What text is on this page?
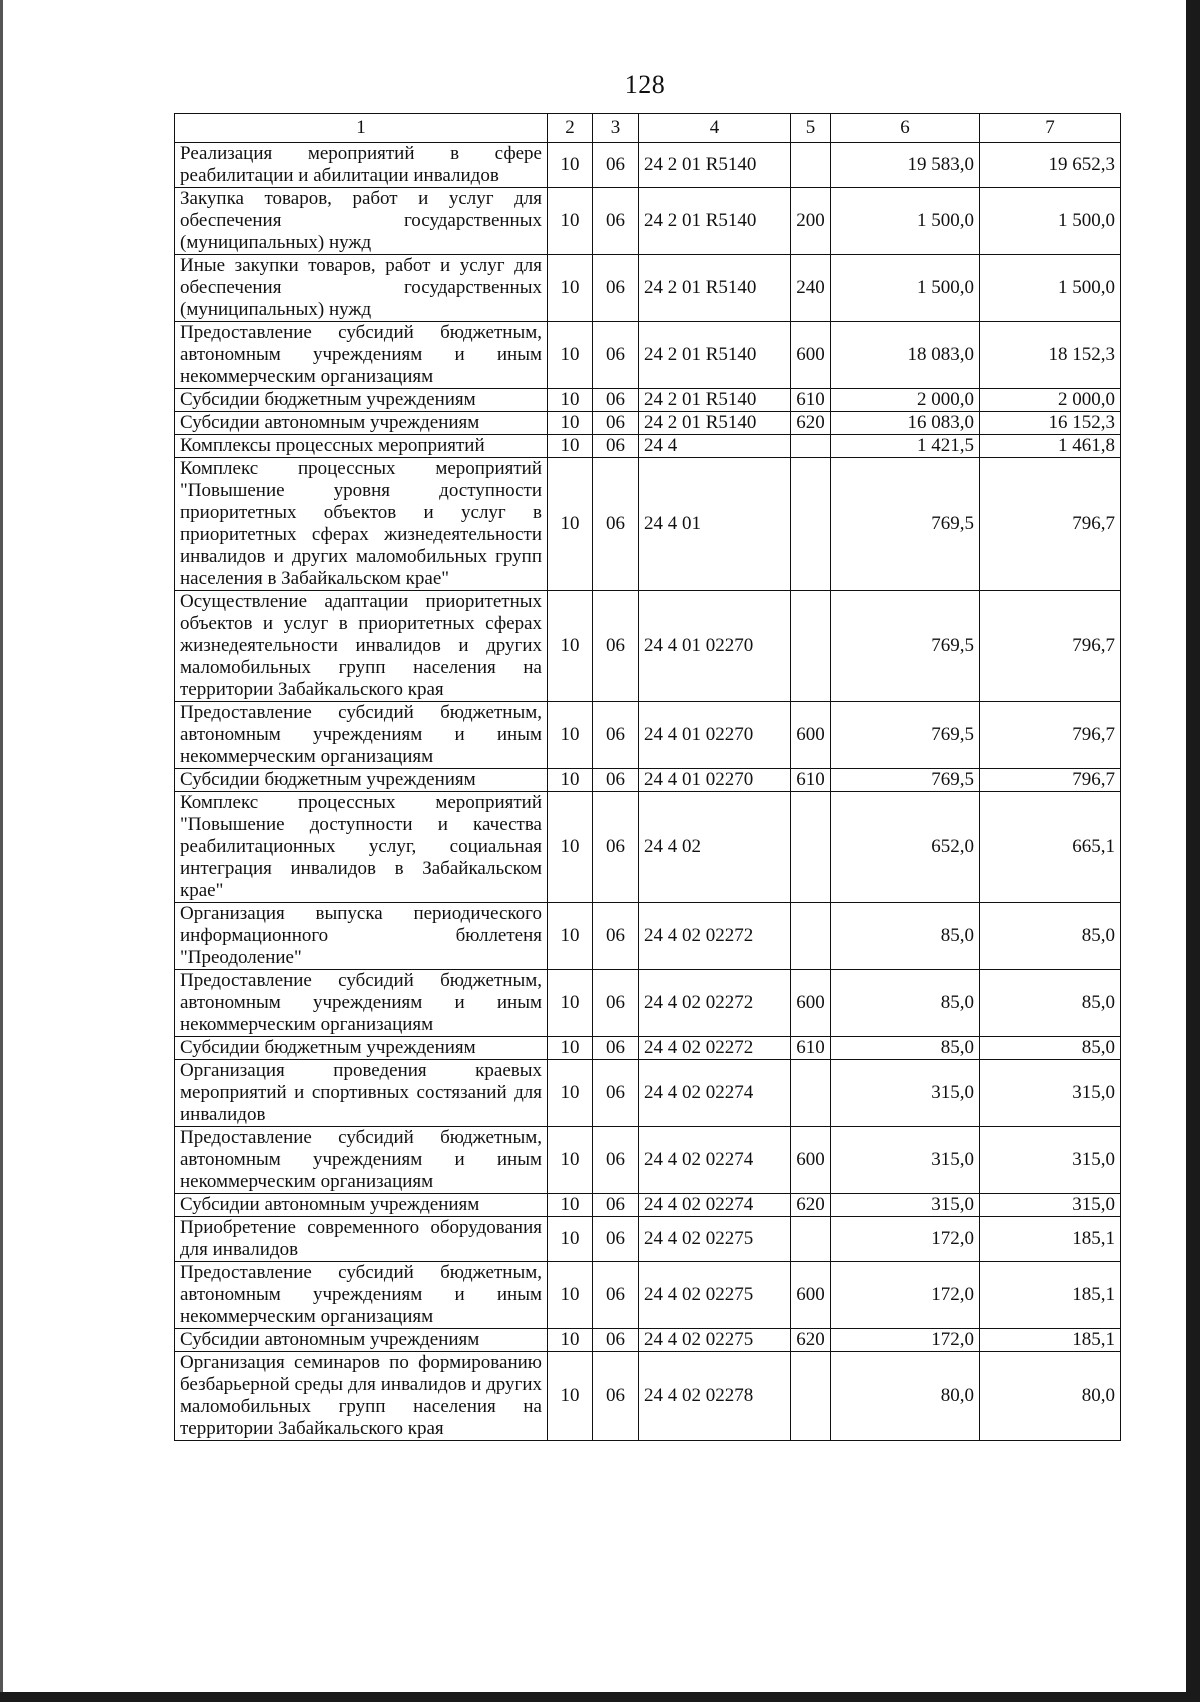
128
1	2	3	4	5	6	7
Реализация мероприятий в сфере реабилитации и абилитации инвалидов	10	06	24 2 01 R5140		19 583,0	19 652,3
Закупка товаров, работ и услуг для обеспечения государственных (муниципальных) нужд	10	06	24 2 01 R5140	200	1 500,0	1 500,0
Иные закупки товаров, работ и услуг для обеспечения государственных (муниципальных) нужд	10	06	24 2 01 R5140	240	1 500,0	1 500,0
Предоставление субсидий бюджетным, автономным учреждениям и иным некоммерческим организациям	10	06	24 2 01 R5140	600	18 083,0	18 152,3
Субсидии бюджетным учреждениям	10	06	24 2 01 R5140	610	2 000,0	2 000,0
Субсидии автономным учреждениям	10	06	24 2 01 R5140	620	16 083,0	16 152,3
Комплексы процессных мероприятий	10	06	24 4		1 421,5	1 461,8
Комплекс процессных мероприятий "Повышение уровня доступности приоритетных объектов и услуг в приоритетных сферах жизнедеятельности инвалидов и других маломобильных групп населения в Забайкальском крае"	10	06	24 4 01		769,5	796,7
Осуществление адаптации приоритетных объектов и услуг в приоритетных сферах жизнедеятельности инвалидов и других маломобильных групп населения на территории Забайкальского края	10	06	24 4 01 02270		769,5	796,7
Предоставление субсидий бюджетным, автономным учреждениям и иным некоммерческим организациям	10	06	24 4 01 02270	600	769,5	796,7
Субсидии бюджетным учреждениям	10	06	24 4 01 02270	610	769,5	796,7
Комплекс процессных мероприятий "Повышение доступности и качества реабилитационных услуг, социальная интеграция инвалидов в Забайкальском крае"	10	06	24 4 02		652,0	665,1
Организация выпуска периодического информационного бюллетеня "Преодоление"	10	06	24 4 02 02272		85,0	85,0
Предоставление субсидий бюджетным, автономным учреждениям и иным некоммерческим организациям	10	06	24 4 02 02272	600	85,0	85,0
Субсидии бюджетным учреждениям	10	06	24 4 02 02272	610	85,0	85,0
Организация проведения краевых мероприятий и спортивных состязаний для инвалидов	10	06	24 4 02 02274		315,0	315,0
Предоставление субсидий бюджетным, автономным учреждениям и иным некоммерческим организациям	10	06	24 4 02 02274	600	315,0	315,0
Субсидии автономным учреждениям	10	06	24 4 02 02274	620	315,0	315,0
Приобретение современного оборудования для инвалидов	10	06	24 4 02 02275		172,0	185,1
Предоставление субсидий бюджетным, автономным учреждениям и иным некоммерческим организациям	10	06	24 4 02 02275	600	172,0	185,1
Субсидии автономным учреждениям	10	06	24 4 02 02275	620	172,0	185,1
Организация семинаров по формированию безбарьерной среды для инвалидов и других маломобильных групп населения на территории Забайкальского края	10	06	24 4 02 02278		80,0	80,0
